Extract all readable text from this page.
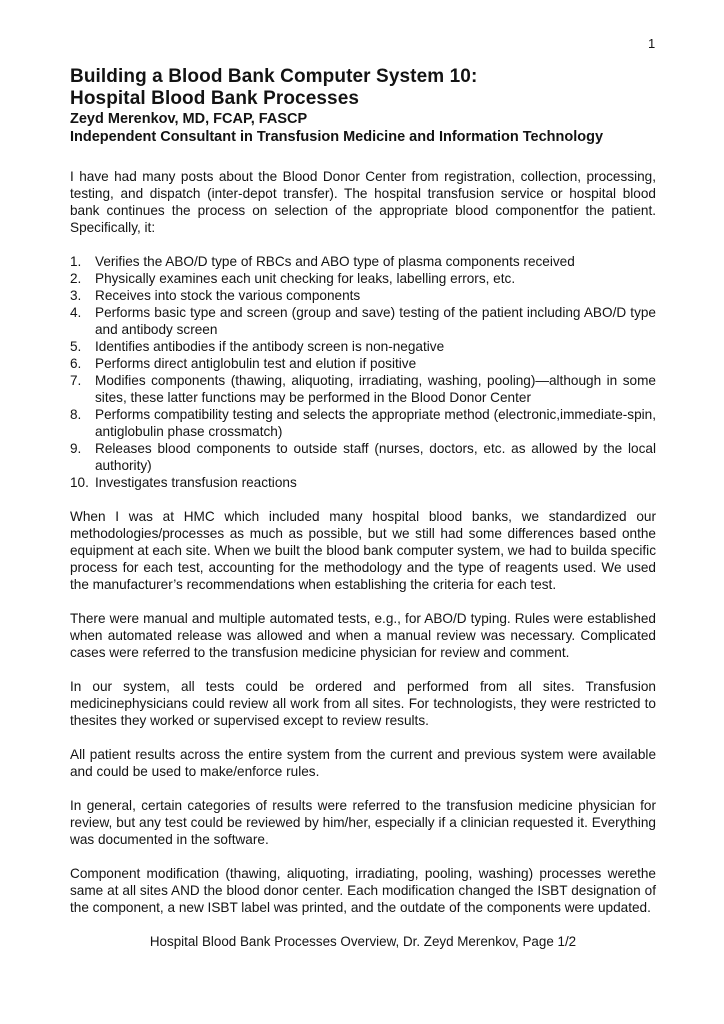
1
Building a Blood Bank Computer System 10:
Hospital Blood Bank Processes
Zeyd Merenkov, MD, FCAP, FASCP
Independent Consultant in Transfusion Medicine and Information Technology

I have had many posts about the Blood Donor Center from registration, collection, processing, testing, and dispatch (inter-depot transfer). The hospital transfusion service or hospital blood bank continues the process on selection of the appropriate blood componentfor the patient. Specifically, it:

1.	Verifies the ABO/D type of RBCs and ABO type of plasma components received
2.	Physically examines each unit checking for leaks, labelling errors, etc.
3.	Receives into stock the various components
4.	Performs basic type and screen (group and save) testing of the patient including ABO/D type and antibody screen
5.	Identifies antibodies if the antibody screen is non-negative
6.	Performs direct antiglobulin test and elution if positive
7.	Modifies components (thawing, aliquoting, irradiating, washing, pooling)—although in some sites, these latter functions may be performed in the Blood Donor Center
8.	Performs compatibility testing and selects the appropriate method (electronic,immediate-spin, antiglobulin phase crossmatch)
9.	Releases blood components to outside staff (nurses, doctors, etc. as allowed by the local authority)
10. Investigates transfusion reactions

When I was at HMC which included many hospital blood banks, we standardized our methodologies/processes as much as possible, but we still had some differences based onthe equipment at each site. When we built the blood bank computer system, we had to builda specific process for each test, accounting for the methodology and the type of reagents used. We used the manufacturer’s recommendations when establishing the criteria for each test.

There were manual and multiple automated tests, e.g., for ABO/D typing. Rules were established when automated release was allowed and when a manual review was necessary. Complicated cases were referred to the transfusion medicine physician for review and comment.

In our system, all tests could be ordered and performed from all sites. Transfusion medicinephysicians could review all work from all sites. For technologists, they were restricted to thesites they worked or supervised except to review results.

All patient results across the entire system from the current and previous system were available and could be used to make/enforce rules.

In general, certain categories of results were referred to the transfusion medicine physician for review, but any test could be reviewed by him/her, especially if a clinician requested it. Everything was documented in the software.

Component modification (thawing, aliquoting, irradiating, pooling, washing) processes werethe same at all sites AND the blood donor center. Each modification changed the ISBT designation of the component, a new ISBT label was printed, and the outdate of the components were updated.

Hospital Blood Bank Processes Overview, Dr. Zeyd Merenkov, Page 1/2
